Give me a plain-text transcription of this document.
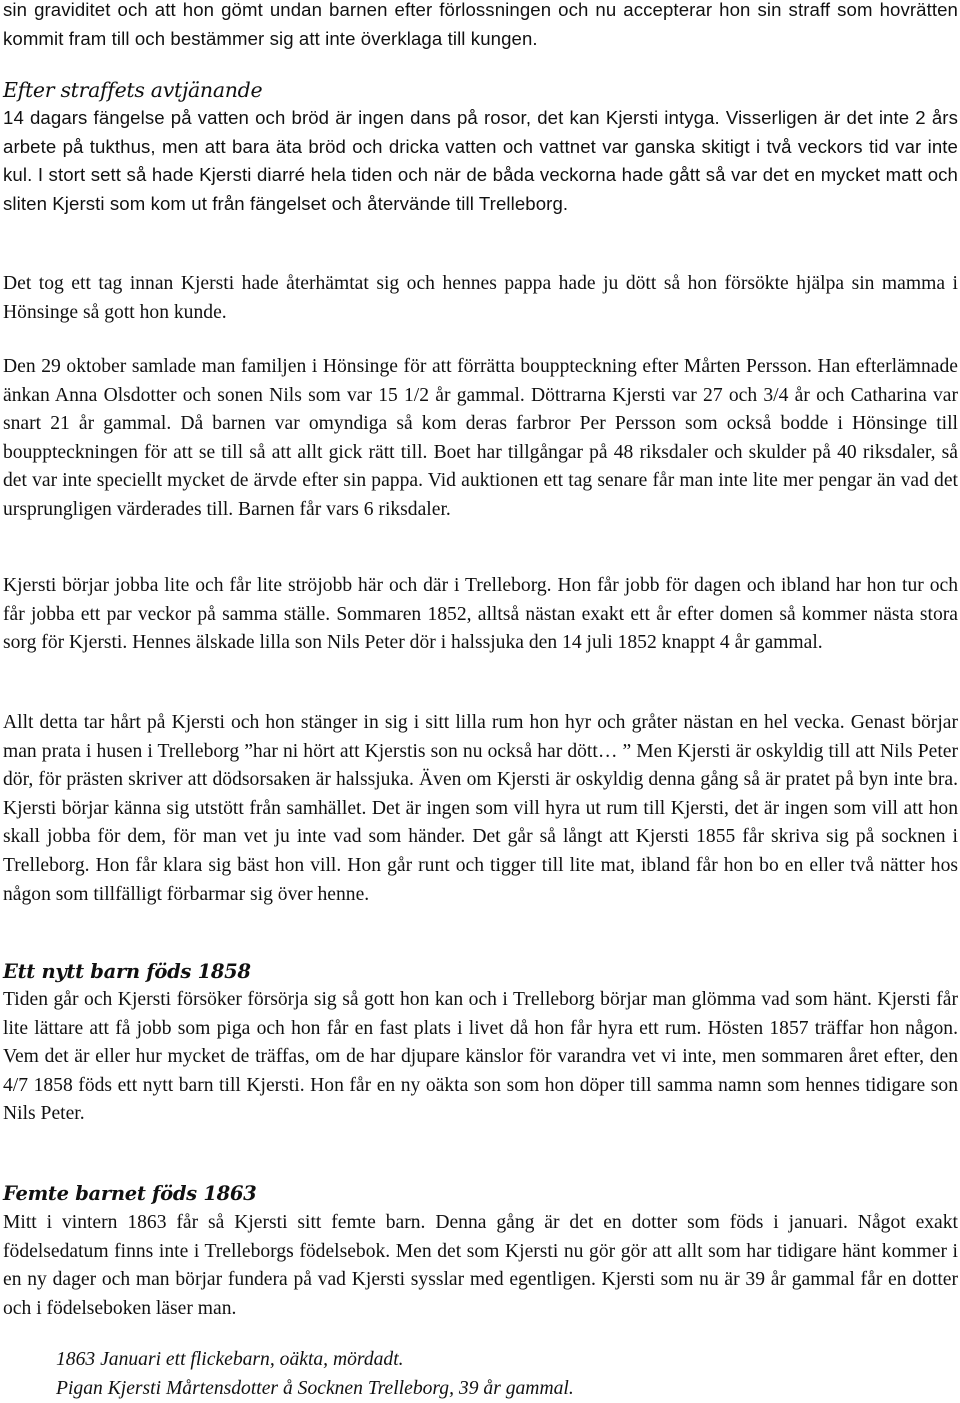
sin graviditet och att hon gömt undan barnen efter förlossningen och nu accepterar hon sin straff som hovrätten kommit fram till och bestämmer sig att inte överklaga till kungen.

Efter straffets avtjänande

14 dagars fängelse på vatten och bröd är ingen dans på rosor, det kan Kjersti intyga. Visserligen är det inte 2 års arbete på tukthus, men att bara äta bröd och dricka vatten och vattnet var ganska skitigt i två veckors tid var inte kul. I stort sett så hade Kjersti diarré hela tiden och när de båda veckorna hade gått så var det en mycket matt och sliten Kjersti som kom ut från fängelset och återvände till Trelleborg.

Det tog ett tag innan Kjersti hade återhämtat sig och hennes pappa hade ju dött så hon försökte hjälpa sin mamma i Hönsinge så gott hon kunde.

Den 29 oktober samlade man familjen i Hönsinge för att förrätta bouppteckning efter Mårten Persson. Han efterlämnade änkan Anna Olsdotter och sonen Nils som var 15 1/2 år gammal. Döttrarna Kjersti var 27 och 3/4 år och Catharina var snart 21 år gammal. Då barnen var omyndiga så kom deras farbror Per Persson som också bodde i Hönsinge till bouppteckningen för att se till så att allt gick rätt till. Boet har tillgångar på 48 riksdaler och skulder på 40 riksdaler, så det var inte speciellt mycket de ärvde efter sin pappa. Vid auktionen ett tag senare får man inte lite mer pengar än vad det ursprungligen värderades till. Barnen får vars 6 riksdaler.

Kjersti börjar jobba lite och får lite ströjobb här och där i Trelleborg. Hon får jobb för dagen och ibland har hon tur och får jobba ett par veckor på samma ställe. Sommaren 1852, alltså nästan exakt ett år efter domen så kommer nästa stora sorg för Kjersti. Hennes älskade lilla son Nils Peter dör i halssjuka den 14 juli 1852 knappt 4 år gammal.

Allt detta tar hårt på Kjersti och hon stänger in sig i sitt lilla rum hon hyr och gråter nästan en hel vecka. Genast börjar man prata i husen i Trelleborg ”har ni hört att Kjerstis son nu också har dött… ” Men Kjersti är oskyldig till att Nils Peter dör, för prästen skriver att dödsorsaken är halssjuka. Även om Kjersti är oskyldig denna gång så är pratet på byn inte bra. Kjersti börjar känna sig utstött från samhället. Det är ingen som vill hyra ut rum till Kjersti, det är ingen som vill att hon skall jobba för dem, för man vet ju inte vad som händer. Det går så långt att Kjersti 1855 får skriva sig på socknen i Trelleborg. Hon får klara sig bäst hon vill. Hon går runt och tigger till lite mat, ibland får hon bo en eller två nätter hos någon som tillfälligt förbarmar sig över henne.

Ett nytt barn föds 1858

Tiden går och Kjersti försöker försörja sig så gott hon kan och i Trelleborg börjar man glömma vad som hänt. Kjersti får lite lättare att få jobb som piga och hon får en fast plats i livet då hon får hyra ett rum. Hösten 1857 träffar hon någon. Vem det är eller hur mycket de träffas, om de har djupare känslor för varandra vet vi inte, men sommaren året efter, den 4/7 1858 föds ett nytt barn till Kjersti. Hon får en ny oäkta son som hon döper till samma namn som hennes tidigare son Nils Peter.

Femte barnet föds 1863

Mitt i vintern 1863 får så Kjersti sitt femte barn. Denna gång är det en dotter som föds i januari. Något exakt födelsedatum finns inte i Trelleborgs födelsebok. Men det som Kjersti nu gör gör att allt som har tidigare hänt kommer i en ny dager och man börjar fundera på vad Kjersti sysslar med egentligen. Kjersti som nu är 39 år gammal får en dotter och i födelseboken läser man.

1863 Januari ett flickebarn, oäkta, mördadt.
Pigan Kjersti Mårtensdotter å Socknen Trelleborg, 39 år gammal.
